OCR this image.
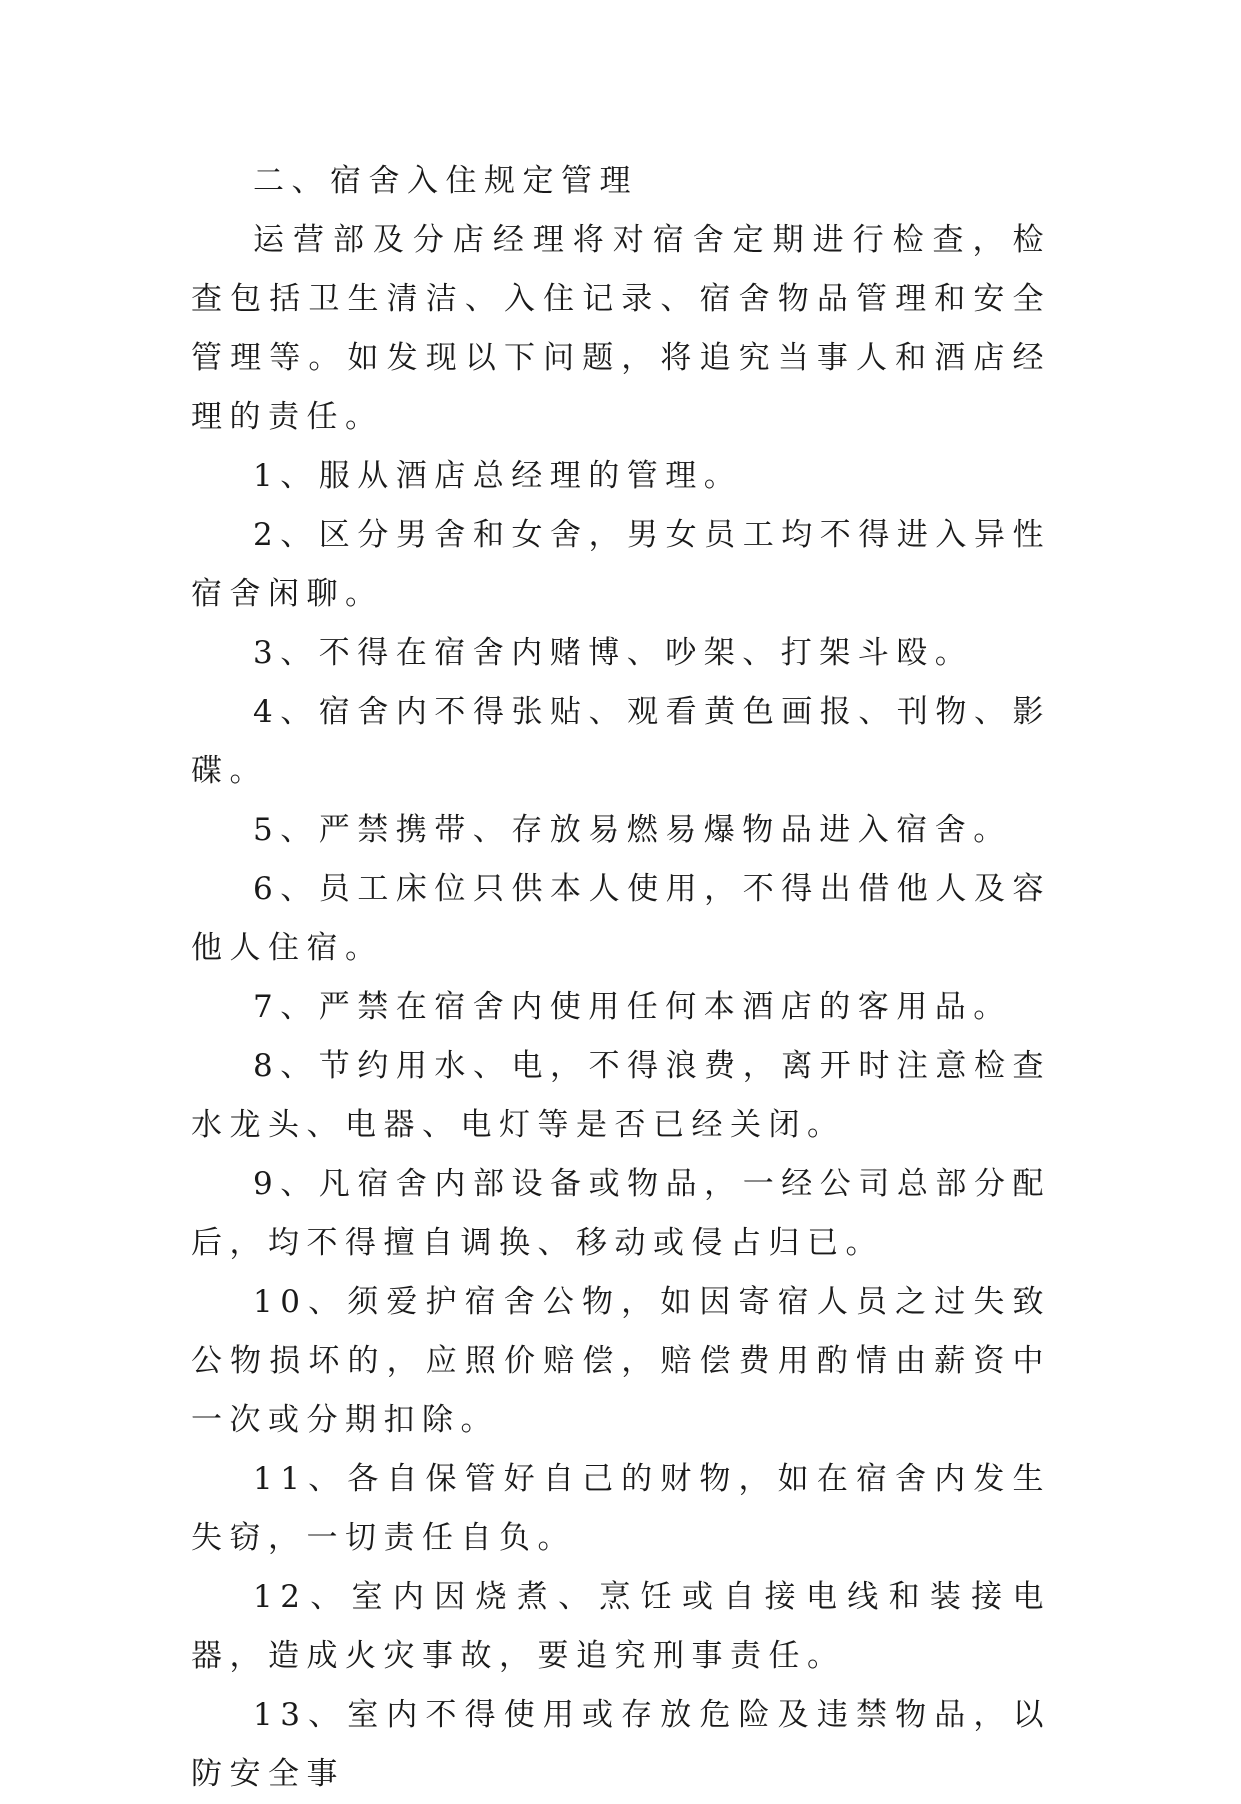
二、宿舍入住规定管理

运营部及分店经理将对宿舍定期进行检查，检查包括卫生清洁、入住记录、宿舍物品管理和安全管理等。如发现以下问题，将追究当事人和酒店经理的责任。

1、服从酒店总经理的管理。

2、区分男舍和女舍，男女员工均不得进入异性宿舍闲聊。

3、不得在宿舍内赌博、吵架、打架斗殴。

4、宿舍内不得张贴、观看黄色画报、刊物、影碟。

5、严禁携带、存放易燃易爆物品进入宿舍。

6、员工床位只供本人使用，不得出借他人及容他人住宿。

7、严禁在宿舍内使用任何本酒店的客用品。

8、节约用水、电，不得浪费，离开时注意检查水龙头、电器、电灯等是否已经关闭。

9、凡宿舍内部设备或物品，一经公司总部分配后，均不得擅自调换、移动或侵占归已。

10、须爱护宿舍公物，如因寄宿人员之过失致公物损坏的，应照价赔偿，赔偿费用酌情由薪资中一次或分期扣除。

11、各自保管好自己的财物，如在宿舍内发生失窃，一切责任自负。

12、室内因烧煮、烹饪或自接电线和装接电器，造成火灾事故，要追究刑事责任。

13、室内不得使用或存放危险及违禁物品，以防安全事
